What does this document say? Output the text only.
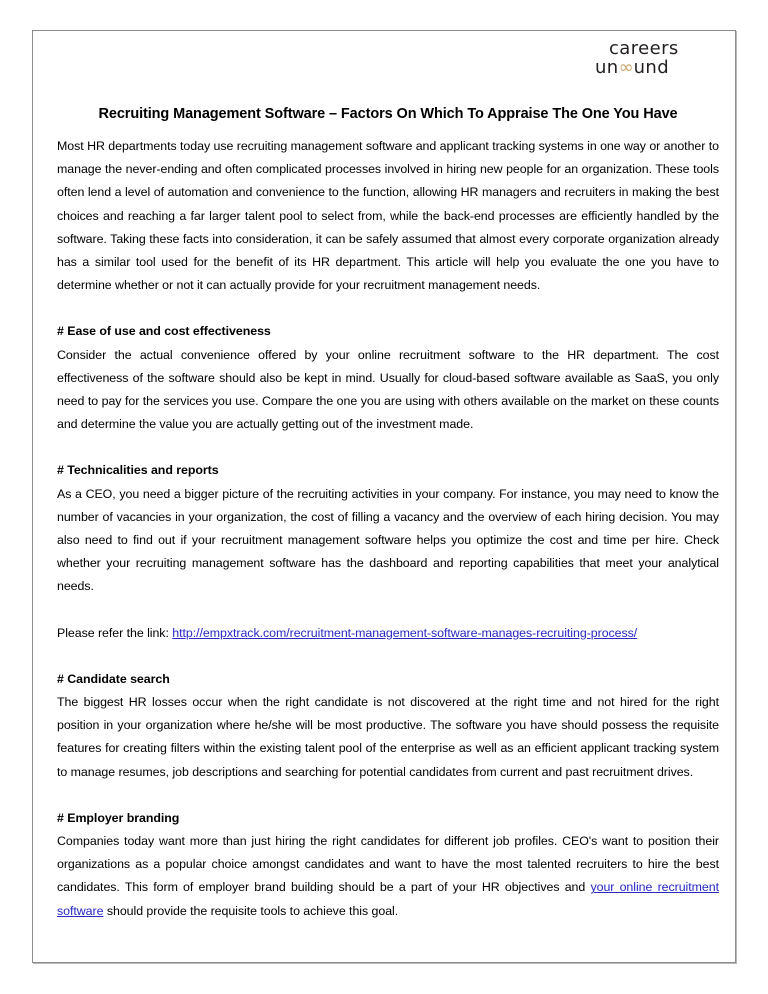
careers
un∞und
Recruiting Management Software – Factors On Which To Appraise The One You Have

Most HR departments today use recruiting management software and applicant tracking systems in one way or another to manage the never-ending and often complicated processes involved in hiring new people for an organization. These tools often lend a level of automation and convenience to the function, allowing HR managers and recruiters in making the best choices and reaching a far larger talent pool to select from, while the back-end processes are efficiently handled by the software. Taking these facts into consideration, it can be safely assumed that almost every corporate organization already has a similar tool used for the benefit of its HR department. This article will help you evaluate the one you have to determine whether or not it can actually provide for your recruitment management needs.

# Ease of use and cost effectiveness

Consider the actual convenience offered by your online recruitment software to the HR department. The cost effectiveness of the software should also be kept in mind. Usually for cloud-based software available as SaaS, you only need to pay for the services you use. Compare the one you are using with others available on the market on these counts and determine the value you are actually getting out of the investment made.

# Technicalities and reports

As a CEO, you need a bigger picture of the recruiting activities in your company. For instance, you may need to know the number of vacancies in your organization, the cost of filling a vacancy and the overview of each hiring decision. You may also need to find out if your recruitment management software helps you optimize the cost and time per hire. Check whether your recruiting management software has the dashboard and reporting capabilities that meet your analytical needs.

Please refer the link: http://empxtrack.com/recruitment-management-software-manages-recruiting-process/

# Candidate search

The biggest HR losses occur when the right candidate is not discovered at the right time and not hired for the right position in your organization where he/she will be most productive. The software you have should possess the requisite features for creating filters within the existing talent pool of the enterprise as well as an efficient applicant tracking system to manage resumes, job descriptions and searching for potential candidates from current and past recruitment drives.

# Employer branding

Companies today want more than just hiring the right candidates for different job profiles. CEO's want to position their organizations as a popular choice amongst candidates and want to have the most talented recruiters to hire the best candidates. This form of employer brand building should be a part of your HR objectives and your online recruitment software should provide the requisite tools to achieve this goal.
